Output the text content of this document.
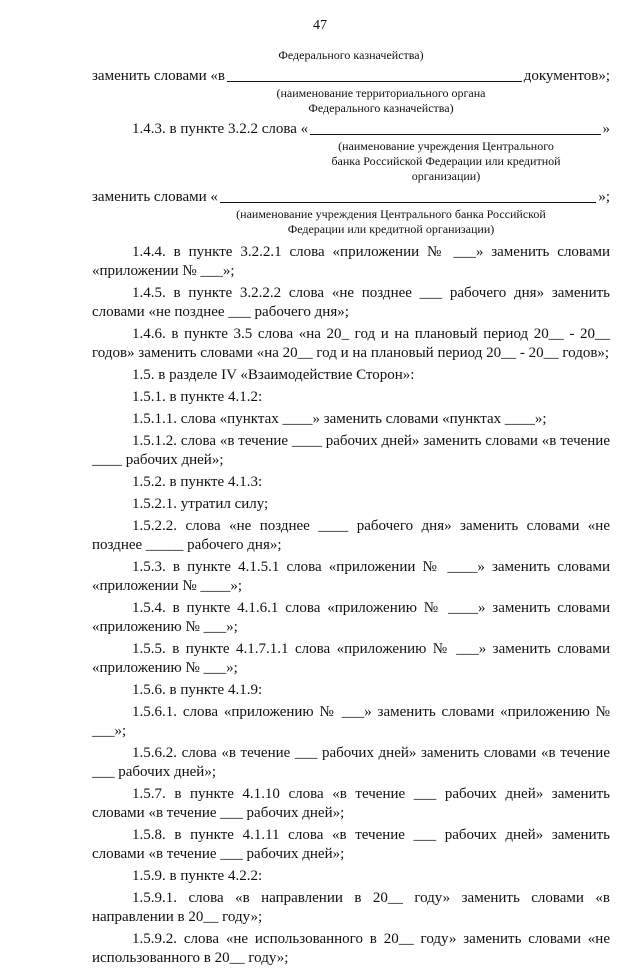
47
Федерального казначейства)
заменить словами «в	документов»;
(наименование территориального органа
Федерального казначейства)
1.4.3. в пункте 3.2.2 слова «	»
(наименование учреждения Центрального
банка Российской Федерации или кредитной
организации)
заменить словами «	»;
(наименование учреждения Центрального банка Российской
Федерации или кредитной организации)

1.4.4. в пункте 3.2.2.1 слова «приложении № ___» заменить словами «приложении № ___»;

1.4.5. в пункте 3.2.2.2 слова «не позднее ___ рабочего дня» заменить словами «не позднее ___ рабочего дня»;

1.4.6. в пункте 3.5 слова «на 20_ год и на плановый период 20__ - 20__ годов» заменить словами «на 20__ год и на плановый период 20__ - 20__ годов»;

1.5. в разделе IV «Взаимодействие Сторон»:

1.5.1. в пункте 4.1.2:

1.5.1.1. слова «пунктах ____» заменить словами «пунктах ____»;

1.5.1.2. слова «в течение ____ рабочих дней» заменить словами «в течение ____ рабочих дней»;

1.5.2. в пункте 4.1.3:

1.5.2.1. утратил силу;

1.5.2.2. слова «не позднее ____ рабочего дня» заменить словами «не позднее _____ рабочего дня»;

1.5.3. в пункте 4.1.5.1 слова «приложении № ____» заменить словами «приложении № ____»;

1.5.4. в пункте 4.1.6.1 слова «приложению № ____» заменить словами «приложению № ___»;

1.5.5. в пункте 4.1.7.1.1 слова «приложению № ___» заменить словами «приложению № ___»;

1.5.6. в пункте 4.1.9:

1.5.6.1. слова «приложению № ___» заменить словами «приложению № ___»;

1.5.6.2. слова «в течение ___ рабочих дней» заменить словами «в течение ___ рабочих дней»;

1.5.7. в пункте 4.1.10 слова «в течение ___ рабочих дней» заменить словами «в течение ___ рабочих дней»;

1.5.8. в пункте 4.1.11 слова «в течение ___ рабочих дней» заменить словами «в течение ___ рабочих дней»;

1.5.9. в пункте 4.2.2:

1.5.9.1. слова «в направлении в 20__ году» заменить словами «в направлении в 20__ году»;

1.5.9.2. слова «не использованного в 20__ году» заменить словами «не использованного в 20__ году»;
